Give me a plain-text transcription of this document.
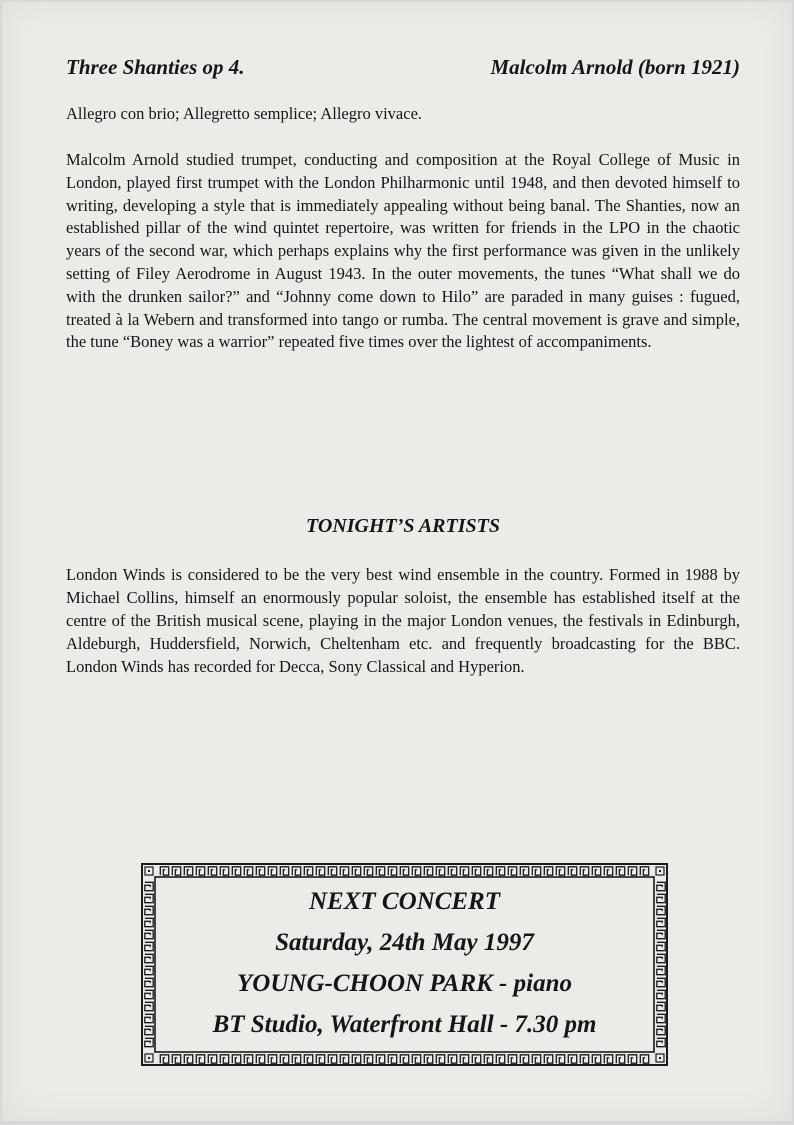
Three Shanties op 4.	Malcolm Arnold (born 1921)
Allegro con brio; Allegretto semplice; Allegro vivace.

Malcolm Arnold studied trumpet, conducting and composition at the Royal College of Music in London, played first trumpet with the London Philharmonic until 1948, and then devoted himself to writing, developing a style that is immediately appealing without being banal. The Shanties, now an established pillar of the wind quintet repertoire, was written for friends in the LPO in the chaotic years of the second war, which perhaps explains why the first performance was given in the unlikely setting of Filey Aerodrome in August 1943. In the outer movements, the tunes “What shall we do with the drunken sailor?” and “Johnny come down to Hilo” are paraded in many guises : fugued, treated à la Webern and transformed into tango or rumba. The central movement is grave and simple, the tune “Boney was a warrior” repeated five times over the lightest of accompaniments.

TONIGHT’S ARTISTS

London Winds is considered to be the very best wind ensemble in the country. Formed in 1988 by Michael Collins, himself an enormously popular soloist, the ensemble has established itself at the centre of the British musical scene, playing in the major London venues, the festivals in Edinburgh, Aldeburgh, Huddersfield, Norwich, Cheltenham etc. and frequently broadcasting for the BBC. London Winds has recorded for Decca, Sony Classical and Hyperion.

NEXT CONCERT
Saturday, 24th May 1997
YOUNG-CHOON PARK - piano
BT Studio, Waterfront Hall - 7.30 pm
